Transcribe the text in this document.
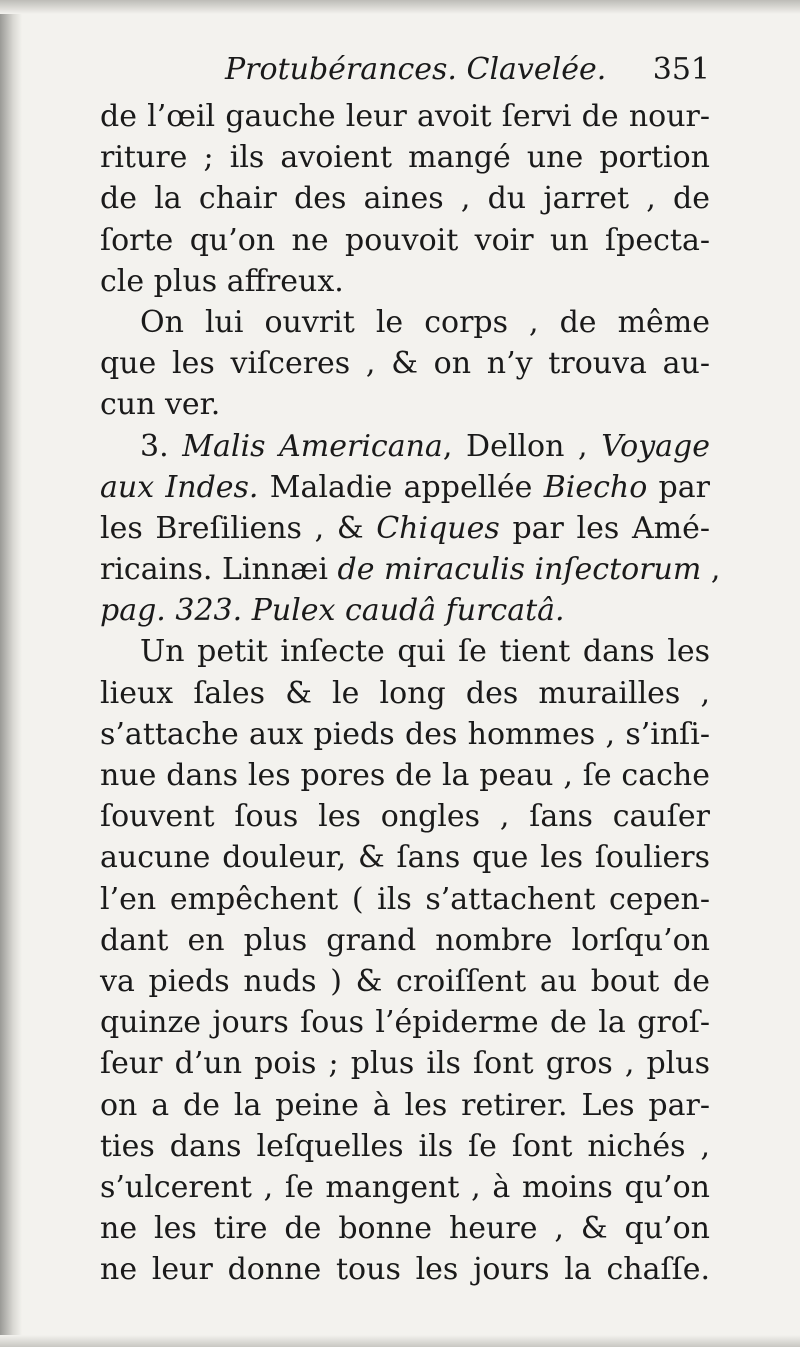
Protubérances. Clavelée. 351
de l’œil gauche leur avoit ſervi de nour-
riture ; ils avoient mangé une portion
de la chair des aines , du jarret , de
ſorte qu’on ne pouvoit voir un ſpecta-
cle plus affreux.
On lui ouvrit le corps , de même
que les viſceres , & on n’y trouva au-
cun ver.
3. Malis Americana, Dellon , Voyage
aux Indes. Maladie appellée Biecho par
les Breſiliens , & Chiques par les Amé-
ricains. Linnæi de miraculis inſectorum ,
pag. 323. Pulex caudâ furcatâ.
Un petit inſecte qui ſe tient dans les
lieux ſales & le long des murailles ,
s’attache aux pieds des hommes , s’inſi-
nue dans les pores de la peau , ſe cache
ſouvent ſous les ongles , ſans cauſer
aucune douleur, & ſans que les ſouliers
l’en empêchent ( ils s’attachent cepen-
dant en plus grand nombre lorſqu’on
va pieds nuds ) & croiſſent au bout de
quinze jours ſous l’épiderme de la groſ-
ſeur d’un pois ; plus ils ſont gros , plus
on a de la peine à les retirer. Les par-
ties dans leſquelles ils ſe ſont nichés ,
s’ulcerent , ſe mangent , à moins qu’on
ne les tire de bonne heure , & qu’on
ne leur donne tous les jours la chaſſe.
